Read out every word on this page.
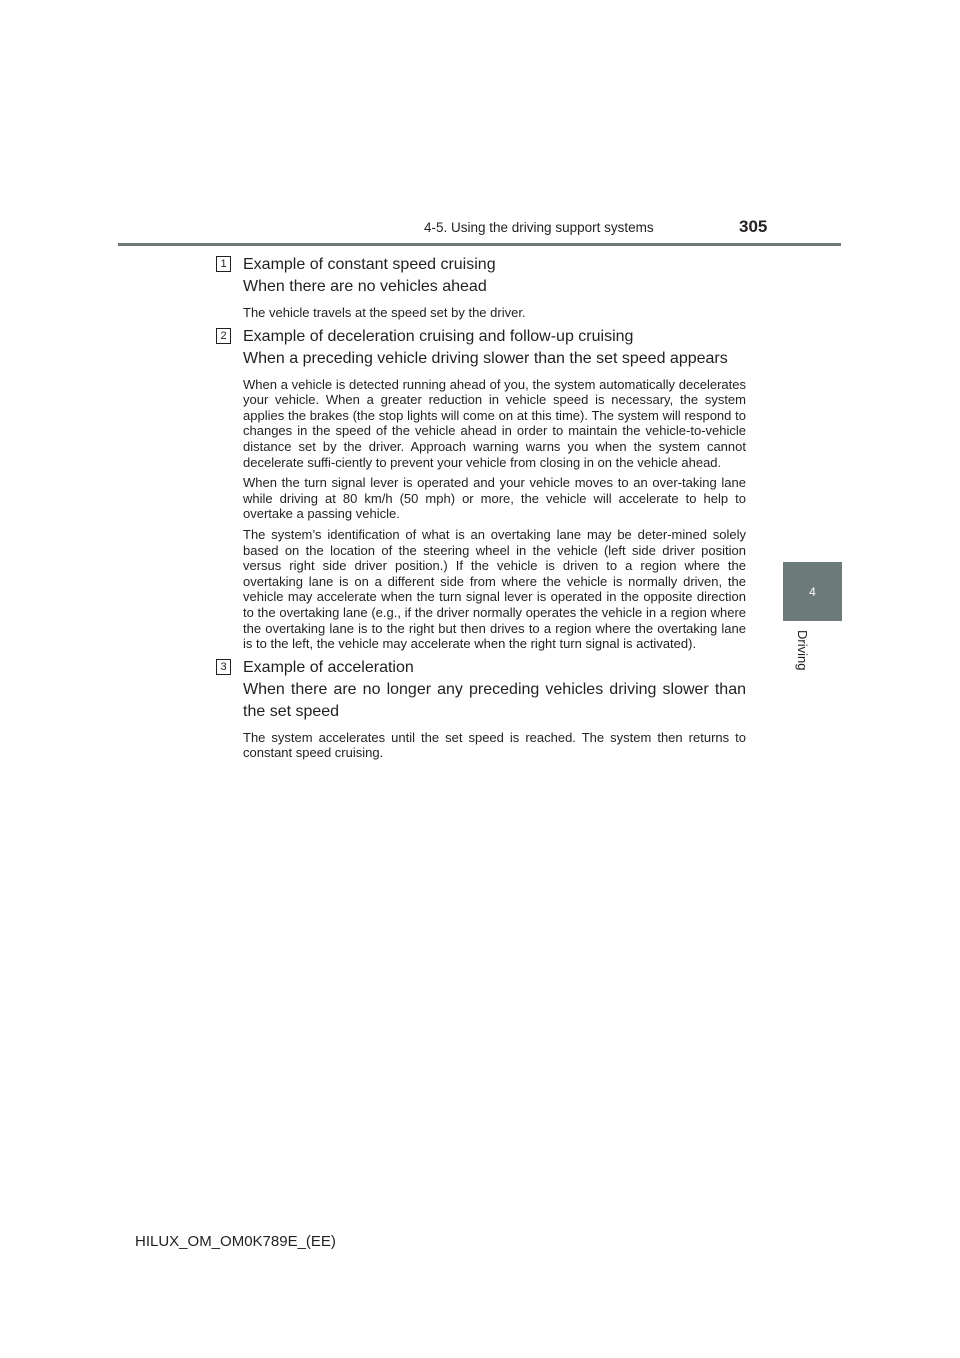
4-5. Using the driving support systems	305
4
Driving
1 Example of constant speed cruising
When there are no vehicles ahead

The vehicle travels at the speed set by the driver.

2 Example of deceleration cruising and follow-up cruising
When a preceding vehicle driving slower than the set speed appears

When a vehicle is detected running ahead of you, the system automatically decelerates your vehicle. When a greater reduction in vehicle speed is necessary, the system applies the brakes (the stop lights will come on at this time). The system will respond to changes in the speed of the vehicle ahead in order to maintain the vehicle-to-vehicle distance set by the driver. Approach warning warns you when the system cannot decelerate suffi-ciently to prevent your vehicle from closing in on the vehicle ahead.

When the turn signal lever is operated and your vehicle moves to an over-taking lane while driving at 80 km/h (50 mph) or more, the vehicle will accelerate to help to overtake a passing vehicle.

The system’s identification of what is an overtaking lane may be deter-mined solely based on the location of the steering wheel in the vehicle (left side driver position versus right side driver position.) If the vehicle is driven to a region where the overtaking lane is on a different side from where the vehicle is normally driven, the vehicle may accelerate when the turn signal lever is operated in the opposite direction to the overtaking lane (e.g., if the driver normally operates the vehicle in a region where the overtaking lane is to the right but then drives to a region where the overtaking lane is to the left, the vehicle may accelerate when the right turn signal is activated).

3 Example of acceleration
When there are no longer any preceding vehicles driving slower than the set speed

The system accelerates until the set speed is reached. The system then returns to constant speed cruising.

HILUX_OM_OM0K789E_(EE)
